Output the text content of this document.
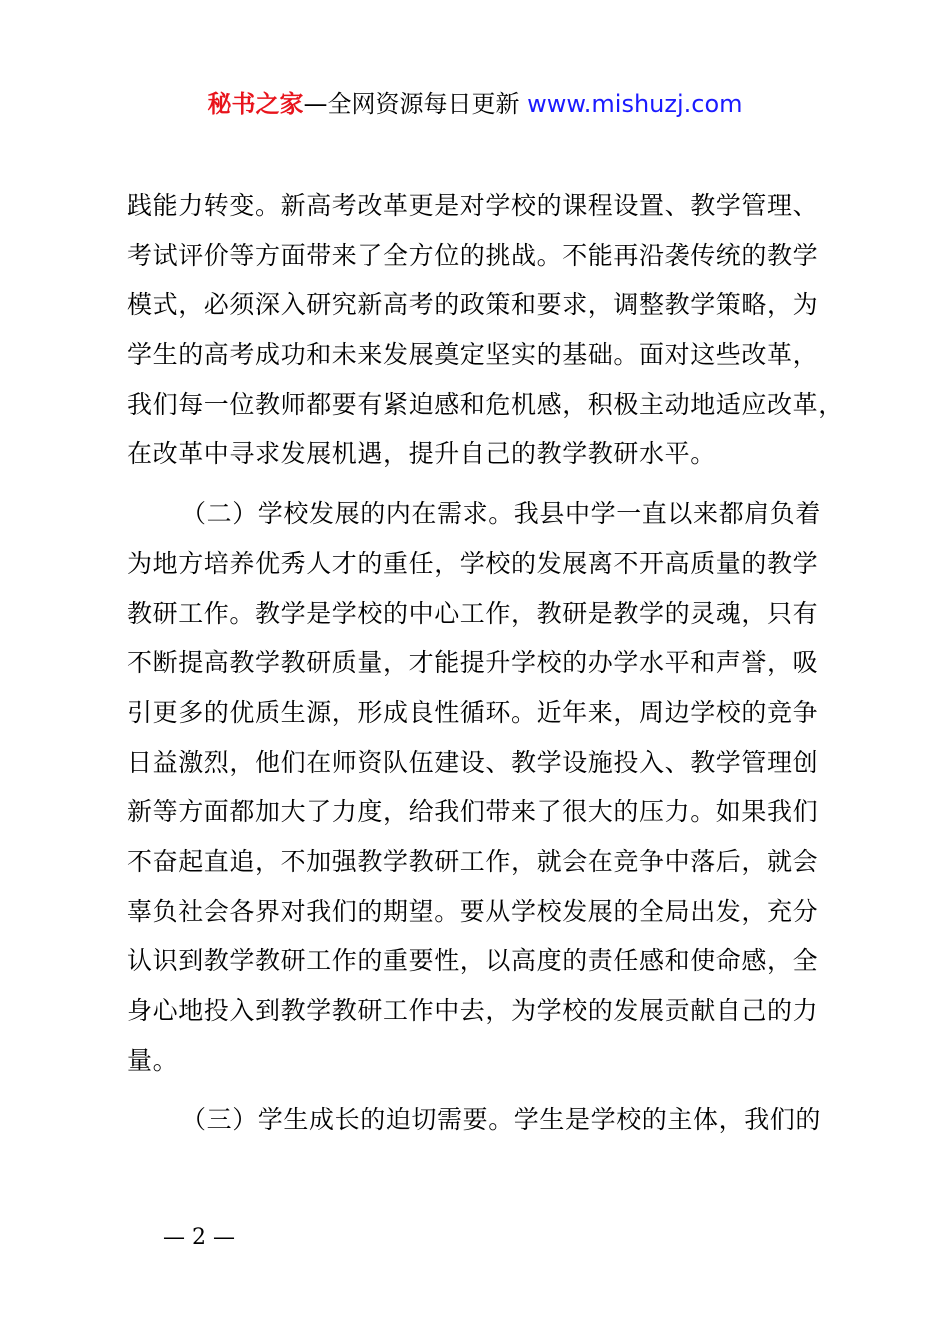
秘书之家—全网资源每日更新 www.mishuzj.com
践能力转变。新高考改革更是对学校的课程设置、教学管理、
考试评价等方面带来了全方位的挑战。不能再沿袭传统的教学
模式，必须深入研究新高考的政策和要求，调整教学策略，为
学生的高考成功和未来发展奠定坚实的基础。面对这些改革，
我们每一位教师都要有紧迫感和危机感，积极主动地适应改革，
在改革中寻求发展机遇，提升自己的教学教研水平。
（二）学校发展的内在需求。我县中学一直以来都肩负着
为地方培养优秀人才的重任，学校的发展离不开高质量的教学
教研工作。教学是学校的中心工作，教研是教学的灵魂，只有
不断提高教学教研质量，才能提升学校的办学水平和声誉，吸
引更多的优质生源，形成良性循环。近年来，周边学校的竞争
日益激烈，他们在师资队伍建设、教学设施投入、教学管理创
新等方面都加大了力度，给我们带来了很大的压力。如果我们
不奋起直追，不加强教学教研工作，就会在竞争中落后，就会
辜负社会各界对我们的期望。要从学校发展的全局出发，充分
认识到教学教研工作的重要性，以高度的责任感和使命感，全
身心地投入到教学教研工作中去，为学校的发展贡献自己的力
量。
（三）学生成长的迫切需要。学生是学校的主体，我们的
— 2 —
